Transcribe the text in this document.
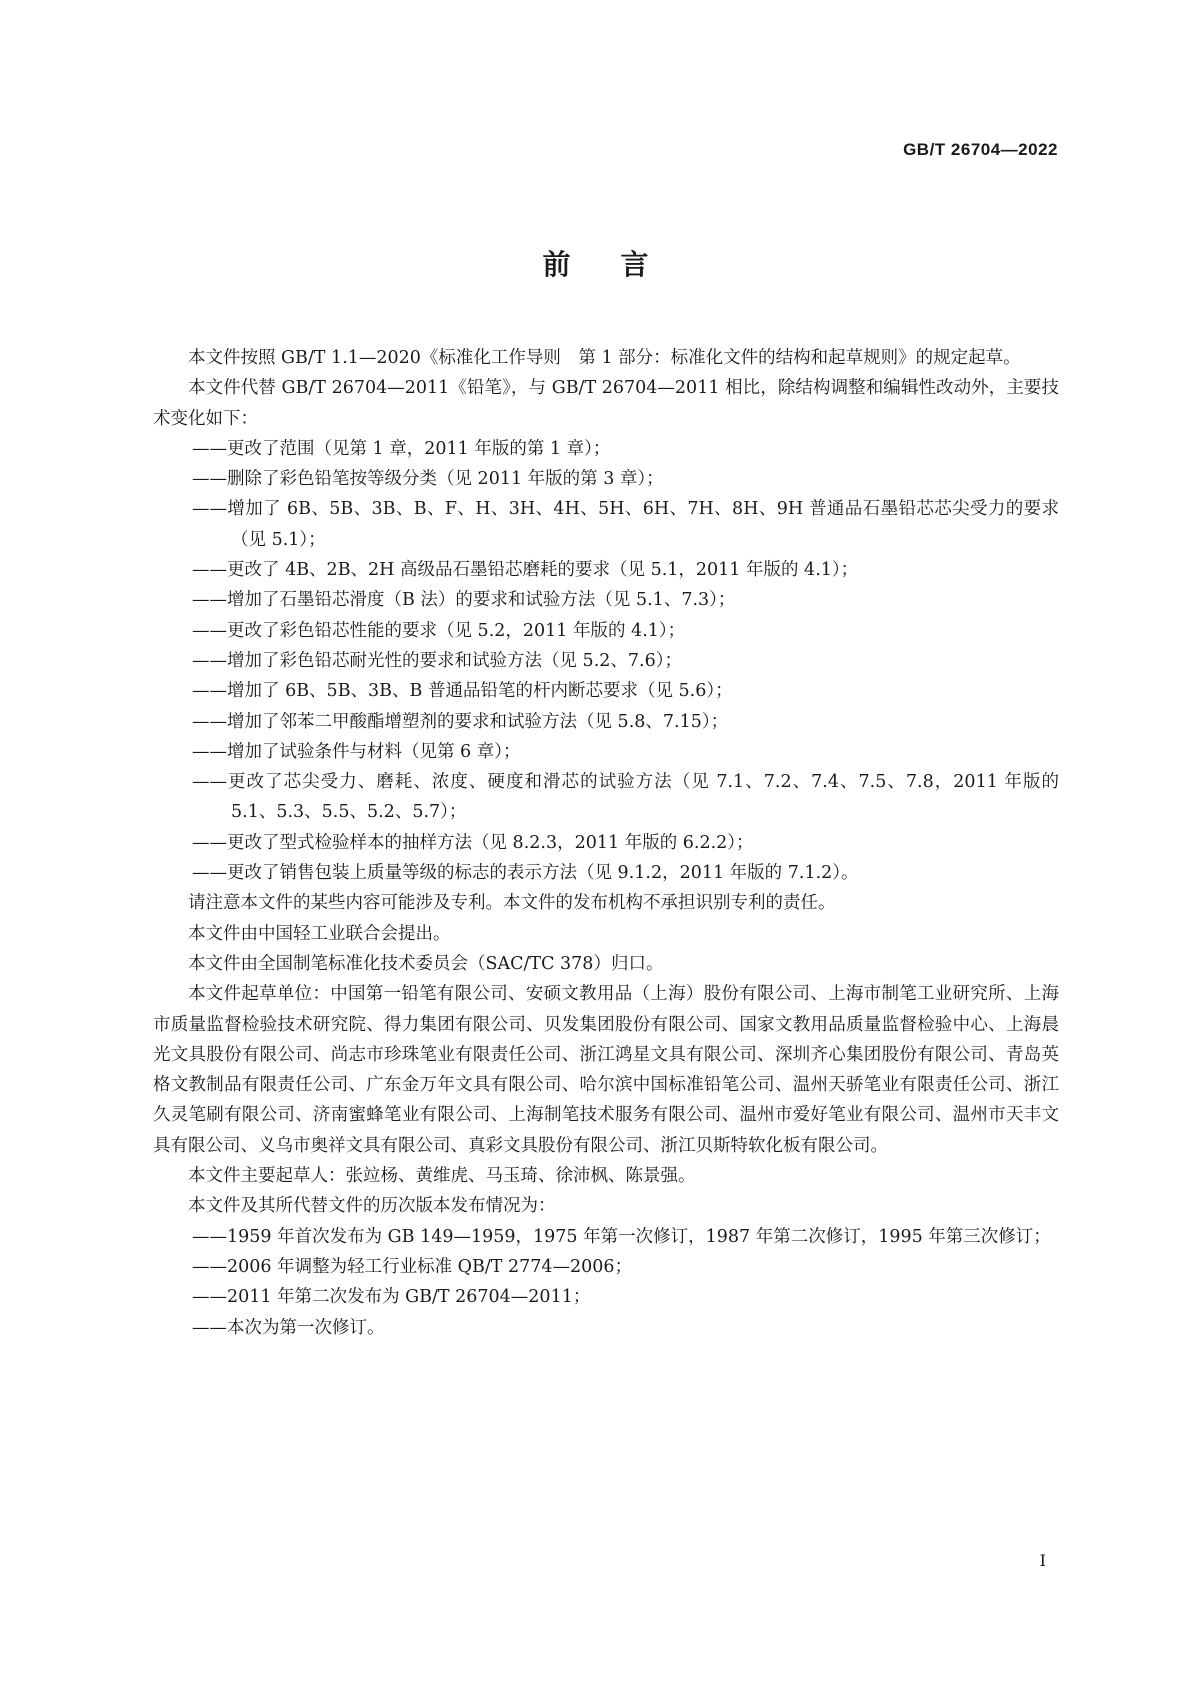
GB/T 26704—2022
前言

本文件按照 GB/T 1.1—2020《标准化工作导则　第 1 部分：标准化文件的结构和起草规则》的规定起草。

本文件代替 GB/T 26704—2011《铅笔》，与 GB/T 26704—2011 相比，除结构调整和编辑性改动外，主要技术变化如下：

——更改了范围（见第 1 章，2011 年版的第 1 章）；

——删除了彩色铅笔按等级分类（见 2011 年版的第 3 章）；

——增加了 6B、5B、3B、B、F、H、3H、4H、5H、6H、7H、8H、9H 普通品石墨铅芯芯尖受力的要求（见 5.1）；

——更改了 4B、2B、2H 高级品石墨铅芯磨耗的要求（见 5.1，2011 年版的 4.1）；

——增加了石墨铅芯滑度（B 法）的要求和试验方法（见 5.1、7.3）；

——更改了彩色铅芯性能的要求（见 5.2，2011 年版的 4.1）；

——增加了彩色铅芯耐光性的要求和试验方法（见 5.2、7.6）；

——增加了 6B、5B、3B、B 普通品铅笔的杆内断芯要求（见 5.6）；

——增加了邻苯二甲酸酯增塑剂的要求和试验方法（见 5.8、7.15）；

——增加了试验条件与材料（见第 6 章）；

——更改了芯尖受力、磨耗、浓度、硬度和滑芯的试验方法（见 7.1、7.2、7.4、7.5、7.8，2011 年版的 5.1、5.3、5.5、5.2、5.7）；

——更改了型式检验样本的抽样方法（见 8.2.3，2011 年版的 6.2.2）；

——更改了销售包装上质量等级的标志的表示方法（见 9.1.2，2011 年版的 7.1.2）。

请注意本文件的某些内容可能涉及专利。本文件的发布机构不承担识别专利的责任。

本文件由中国轻工业联合会提出。

本文件由全国制笔标准化技术委员会（SAC/TC 378）归口。

本文件起草单位：中国第一铅笔有限公司、安硕文教用品（上海）股份有限公司、上海市制笔工业研究所、上海市质量监督检验技术研究院、得力集团有限公司、贝发集团股份有限公司、国家文教用品质量监督检验中心、上海晨光文具股份有限公司、尚志市珍珠笔业有限责任公司、浙江鸿星文具有限公司、深圳齐心集团股份有限公司、青岛英格文教制品有限责任公司、广东金万年文具有限公司、哈尔滨中国标准铅笔公司、温州天骄笔业有限责任公司、浙江久灵笔刷有限公司、济南蜜蜂笔业有限公司、上海制笔技术服务有限公司、温州市爱好笔业有限公司、温州市天丰文具有限公司、义乌市奥祥文具有限公司、真彩文具股份有限公司、浙江贝斯特软化板有限公司。

本文件主要起草人：张竝杨、黄维虎、马玉琦、徐沛枫、陈景强。

本文件及其所代替文件的历次版本发布情况为：

——1959 年首次发布为 GB 149—1959，1975 年第一次修订，1987 年第二次修订，1995 年第三次修订；

——2006 年调整为轻工行业标准 QB/T 2774—2006；

——2011 年第二次发布为 GB/T 26704—2011；

——本次为第一次修订。

I
